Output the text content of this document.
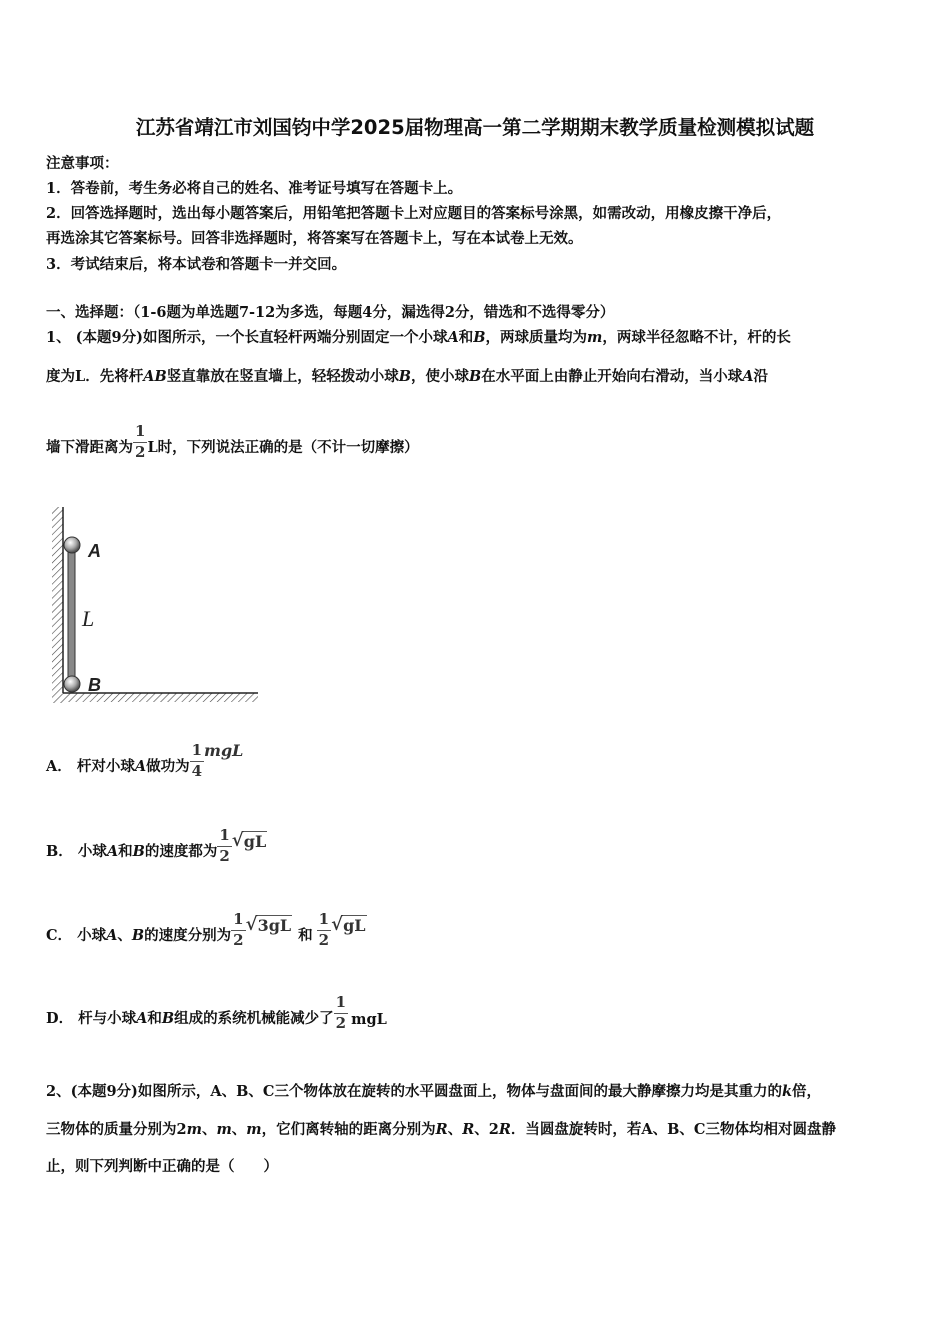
江苏省靖江市刘国钧中学2025届物理高一第二学期期末教学质量检测模拟试题
注意事项：
1．答卷前，考生务必将自己的姓名、准考证号填写在答题卡上。
2．回答选择题时，选出每小题答案后，用铅笔把答题卡上对应题目的答案标号涂黑，如需改动，用橡皮擦干净后，
再选涂其它答案标号。回答非选择题时，将答案写在答题卡上，写在本试卷上无效。
3．考试结束后，将本试卷和答题卡一并交回。
一、选择题：（1-6题为单选题7-12为多选，每题4分，漏选得2分，错选和不选得零分）
1、 (本题9分)如图所示，一个长直轻杆两端分别固定一个小球A和B，两球质量均为m，两球半径忽略不计，杆的长
度为L．先将杆AB竖直靠放在竖直墙上，轻轻拨动小球B，使小球B在水平面上由静止开始向右滑动，当小球A沿
墙下滑距离为 $\frac{1}{2}$ L时，下列说法正确的是（不计一切摩擦）
A
L
B
A． 杆对小球A做功为 $\frac{1}{4}$ mgL
B． 小球A和B的速度都为 $\frac{1}{2}$ √ gL
C． 小球A、B的速度分别为 $\frac{1}{2}$ √ 3gL和 $\frac{1}{2}$ √ gL
D． 杆与小球A和B组成的系统机械能减少了 $\frac{1}{2}$ mgL
2、(本题9分)如图所示，A、B、C三个物体放在旋转的水平圆盘面上，物体与盘面间的最大静摩擦力均是其重力的k倍，
三物体的质量分别为2m、m、m，它们离转轴的距离分别为R、R、2R．当圆盘旋转时，若A、B、C三物体均相对圆盘静
止，则下列判断中正确的是（　　）
